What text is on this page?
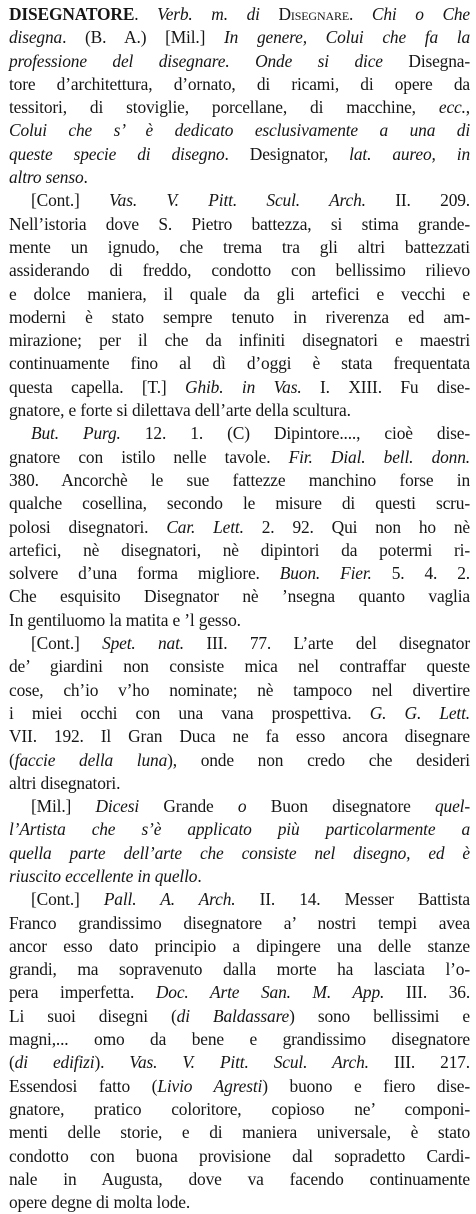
DISEGNATORE. Verb. m. di Disegnare. Chi o Che
disegna. (B. A.) [Mil.] In genere, Colui che fa la
professione del disegnare. Onde si dice Disegna-
tore d’architettura, d’ornato, di ricami, di opere da
tessitori, di stoviglie, porcellane, di macchine, ecc.,
Colui che s’ è dedicato esclusivamente a una di
queste specie di disegno. Designator, lat. aureo, in
altro senso.
[Cont.] Vas. V. Pitt. Scul. Arch. II. 209.
Nell’istoria dove S. Pietro battezza, si stima grande-
mente un ignudo, che trema tra gli altri battezzati
assiderando di freddo, condotto con bellissimo rilievo
e dolce maniera, il quale da gli artefici e vecchi e
moderni è stato sempre tenuto in riverenza ed am-
mirazione; per il che da infiniti disegnatori e maestri
continuamente fino al dì d’oggi è stata frequentata
questa capella. [T.] Ghib. in Vas. I. XIII. Fu dise-
gnatore, e forte si dilettava dell’arte della scultura.
But. Purg. 12. 1. (C) Dipintore...., cioè dise-
gnatore con istilo nelle tavole. Fir. Dial. bell. donn.
380. Ancorchè le sue fattezze manchino forse in
qualche cosellina, secondo le misure di questi scru-
polosi disegnatori. Car. Lett. 2. 92. Qui non ho nè
artefici, nè disegnatori, nè dipintori da potermi ri-
solvere d’una forma migliore. Buon. Fier. 5. 4. 2.
Che esquisito Disegnator nè ’nsegna quanto vaglia
In gentiluomo la matita e ’l gesso.
[Cont.] Spet. nat. III. 77. L’arte del disegnator
de’ giardini non consiste mica nel contraffar queste
cose, ch’io v’ho nominate; nè tampoco nel divertire
i miei occhi con una vana prospettiva. G. G. Lett.
VII. 192. Il Gran Duca ne fa esso ancora disegnare
(faccie della luna), onde non credo che desideri
altri disegnatori.
[Mil.] Dicesi Grande o Buon disegnatore quel-
l’Artista che s’è applicato più particolarmente a
quella parte dell’arte che consiste nel disegno, ed è
riuscito eccellente in quello.
[Cont.] Pall. A. Arch. II. 14. Messer Battista
Franco grandissimo disegnatore a’ nostri tempi avea
ancor esso dato principio a dipingere una delle stanze
grandi, ma sopravenuto dalla morte ha lasciata l’o-
pera imperfetta. Doc. Arte San. M. App. III. 36.
Li suoi disegni (di Baldassare) sono bellissimi e
magni,... omo da bene e grandissimo disegnatore
(di edifizi). Vas. V. Pitt. Scul. Arch. III. 217.
Essendosi fatto (Livio Agresti) buono e fiero dise-
gnatore, pratico coloritore, copioso ne’ componi-
menti delle storie, e di maniera universale, è stato
condotto con buona provisione dal sopradetto Cardi-
nale in Augusta, dove va facendo continuamente
opere degne di molta lode.
